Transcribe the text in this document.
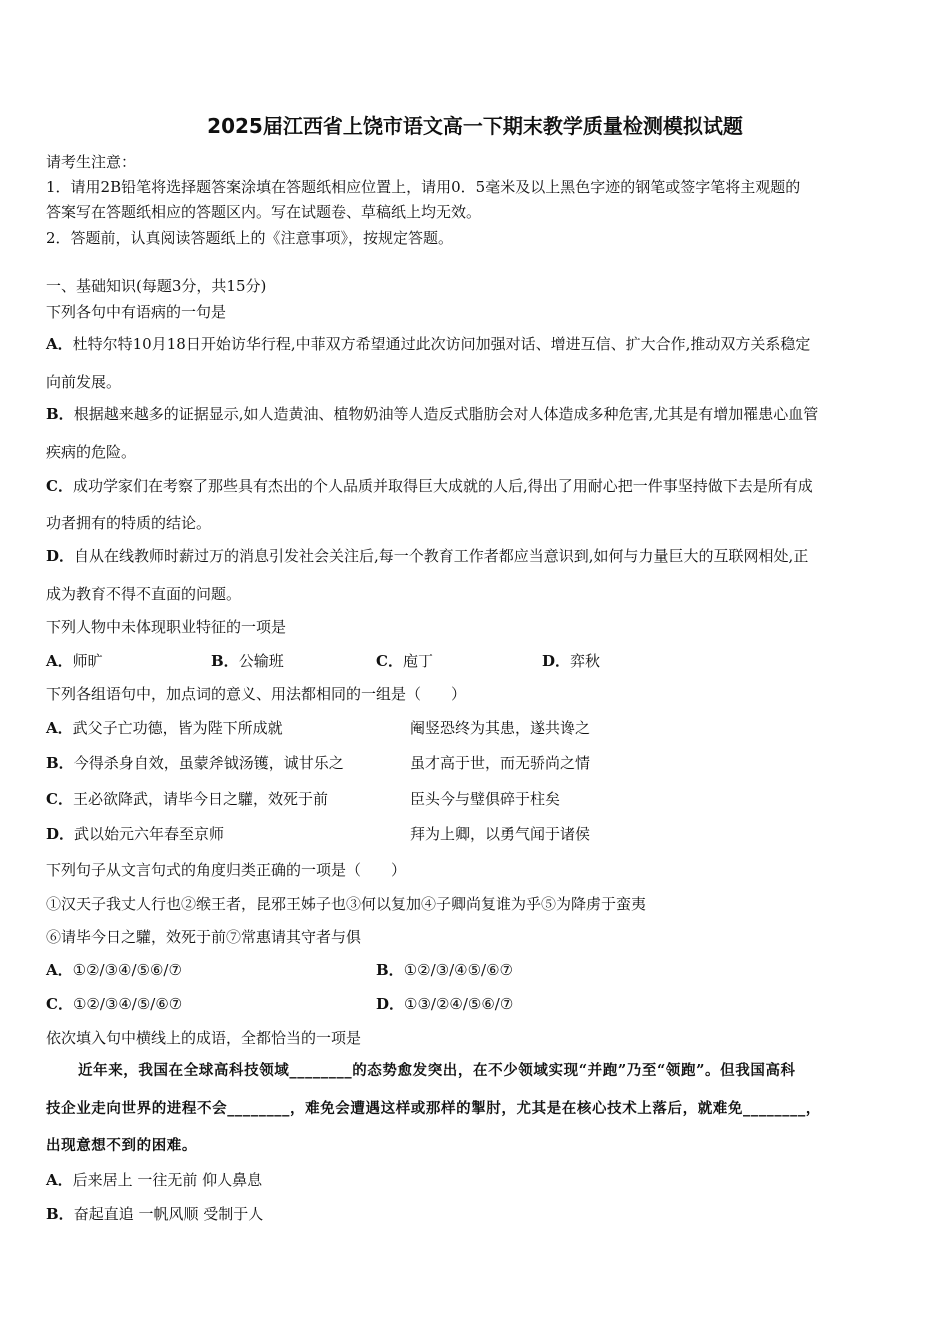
2025届江西省上饶市语文高一下期末教学质量检测模拟试题
请考生注意：
1．请用2B铅笔将选择题答案涂填在答题纸相应位置上，请用0．5毫米及以上黑色字迹的钢笔或签字笔将主观题的
答案写在答题纸相应的答题区内。写在试题卷、草稿纸上均无效。
2．答题前，认真阅读答题纸上的《注意事项》，按规定答题。
一、基础知识(每题3分，共15分)
下列各句中有语病的一句是
A．杜特尔特10月18日开始访华行程,中菲双方希望通过此次访问加强对话、增进互信、扩大合作,推动双方关系稳定
向前发展。
B．根据越来越多的证据显示,如人造黄油、植物奶油等人造反式脂肪会对人体造成多种危害,尤其是有增加罹患心血管
疾病的危险。
C．成功学家们在考察了那些具有杰出的个人品质并取得巨大成就的人后,得出了用耐心把一件事坚持做下去是所有成
功者拥有的特质的结论。
D．自从在线教师时薪过万的消息引发社会关注后,每一个教育工作者都应当意识到,如何与力量巨大的互联网相处,正
成为教育不得不直面的问题。
下列人物中未体现职业特征的一项是
A．师旷	B．公输班	C．庖丁	D．弈秋
下列各组语句中，加点词的意义、用法都相同的一组是（　　）
A．武父子亡功德，皆为陛下所成就	阉竖恐终为其患，遂共谗之
B．今得杀身自效，虽蒙斧钺汤镬，诚甘乐之	虽才高于世，而无骄尚之情
C．王必欲降武，请毕今日之驩，效死于前	臣头今与璧俱碎于柱矣
D．武以始元六年春至京师	拜为上卿，以勇气闻于诸侯
下列句子从文言句式的角度归类正确的一项是（　　）
①汉天子我丈人行也②缑王者，昆邪王姊子也③何以复加④子卿尚复谁为乎⑤为降虏于蛮夷
⑥请毕今日之驩，效死于前⑦常惠请其守者与俱
A．①②/③④/⑤⑥/⑦	B．①②/③/④⑤/⑥⑦
C．①②/③④/⑤/⑥⑦	D．①③/②④/⑤⑥/⑦
依次填入句中横线上的成语，全都恰当的一项是
近年来，我国在全球高科技领域________的态势愈发突出，在不少领域实现“并跑”乃至“领跑”。但我国高科
技企业走向世界的进程不会________，难免会遭遇这样或那样的掣肘，尤其是在核心技术上落后，就难免________，
出现意想不到的困难。
A．后来居上 一往无前 仰人鼻息
B．奋起直追 一帆风顺 受制于人
